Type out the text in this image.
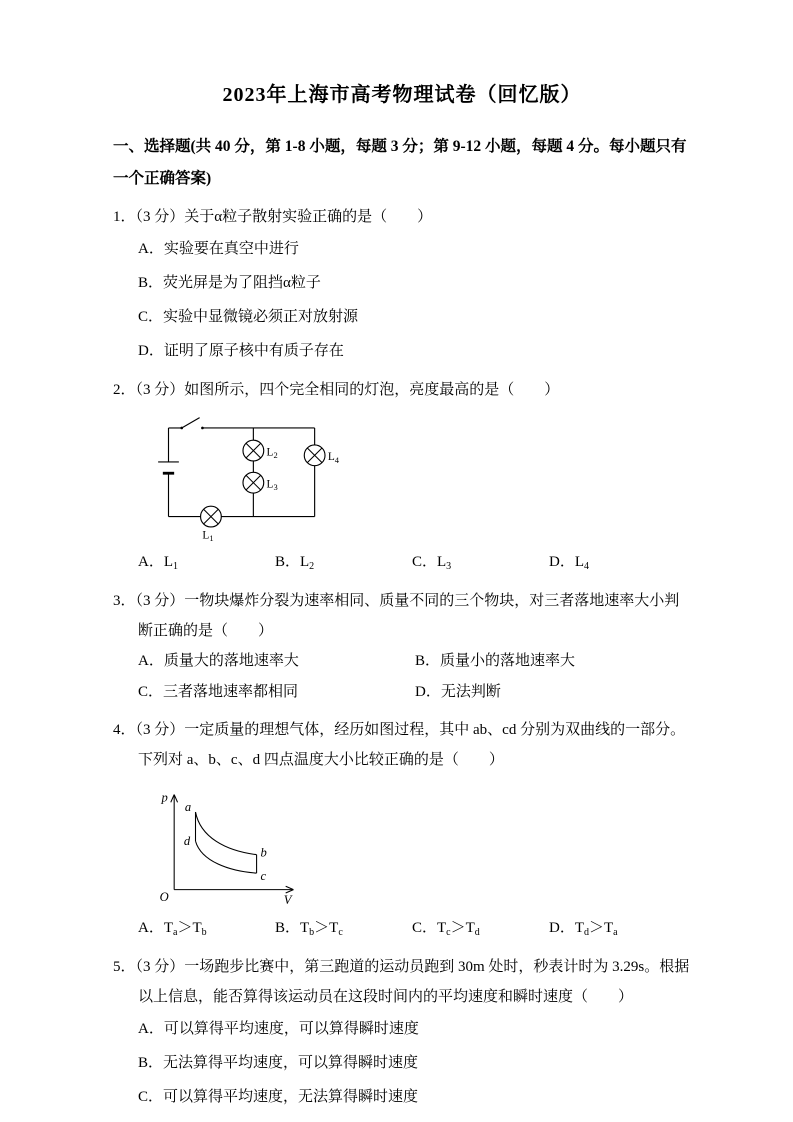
2023年上海市高考物理试卷（回忆版）

一、选择题(共 40 分，第 1-8 小题，每题 3 分；第 9-12 小题，每题 4 分。每小题只有一个正确答案)

1．（3 分）关于α粒子散射实验正确的是（　　）

A．实验要在真空中进行
B．荧光屏是为了阻挡α粒子
C．实验中显微镜必须正对放射源
D．证明了原子核中有质子存在

2．（3 分）如图所示，四个完全相同的灯泡，亮度最高的是（　　）

$L_2$
$L_3$
$L_4$
$L_1$
A．$L_1$	B．$L_2$	C．$L_3$	D．$L_4$

3．（3 分）一物块爆炸分裂为速率相同、质量不同的三个物块，对三者落地速率大小判断正确的是（　　）

A．质量大的落地速率大	B．质量小的落地速率大
C．三者落地速率都相同	D．无法判断

4．（3 分）一定质量的理想气体，经历如图过程，其中 ab、cd 分别为双曲线的一部分。下列对 a、b、c、d 四点温度大小比较正确的是（　　）

p
V
O
a
b
c
d
A．$T_a>T_b$	B．$T_b>T_c$	C．$T_c>T_d$	D．$T_d>T_a$

5．（3 分）一场跑步比赛中，第三跑道的运动员跑到 30m 处时，秒表计时为 3.29s。根据以上信息，能否算得该运动员在这段时间内的平均速度和瞬时速度（　　）

A．可以算得平均速度，可以算得瞬时速度
B．无法算得平均速度，可以算得瞬时速度
C．可以算得平均速度，无法算得瞬时速度
